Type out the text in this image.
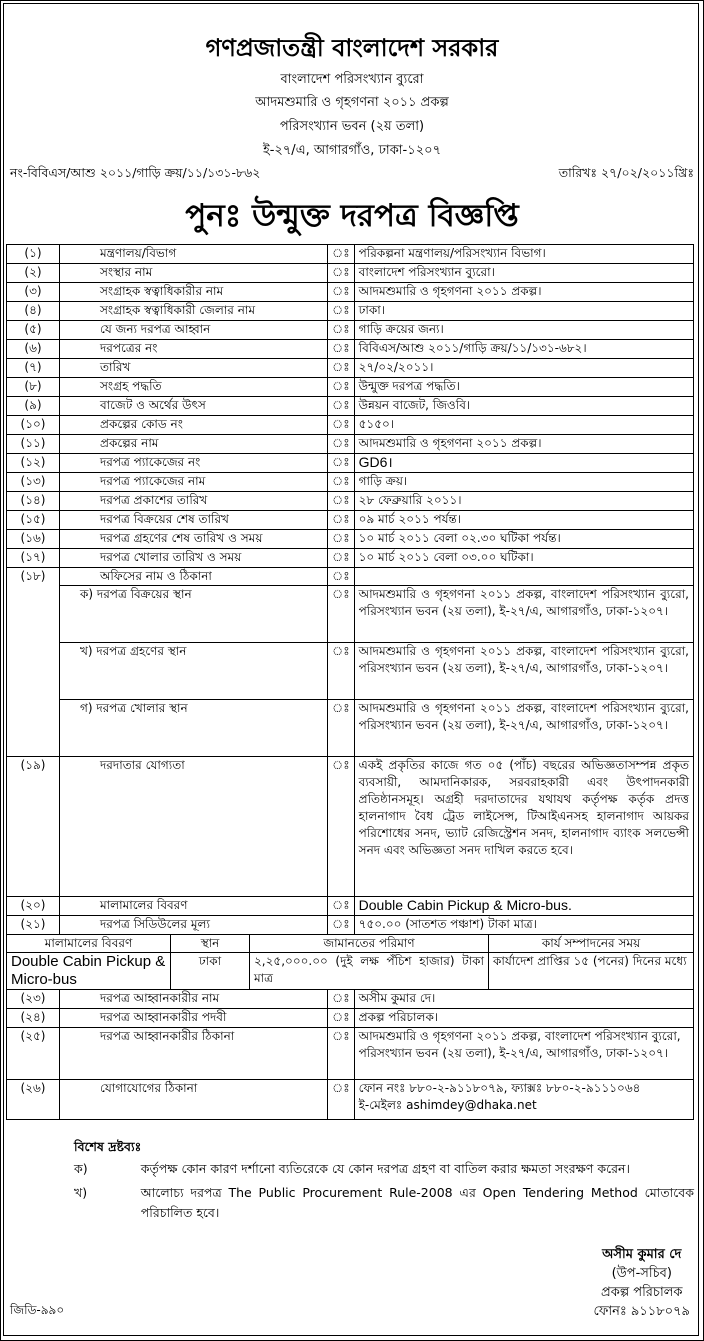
গণপ্রজাতন্ত্রী বাংলাদেশ সরকার
বাংলাদেশ পরিসংখ্যান ব্যুরো
আদমশুমারি ও গৃহগণনা ২০১১ প্রকল্প
পরিসংখ্যান ভবন (২য় তলা)
ই-২৭/এ, আগারগাঁও, ঢাকা-১২০৭
নং-বিবিএস/আশু ২০১১/গাড়ি ক্রয়/১১/১৩১-৮৬২	তারিখঃ ২৭/০২/২০১১খ্রিঃ
পুনঃ উন্মুক্ত দরপত্র বিজ্ঞপ্তি
(১)	মন্ত্রণালয়/বিভাগ	ঃ	পরিকল্পনা মন্ত্রণালয়/পরিসংখ্যান বিভাগ।
(২)	সংস্থার নাম	ঃ	বাংলাদেশ পরিসংখ্যান ব্যুরো।
(৩)	সংগ্রাহক স্বত্বাধিকারীর নাম	ঃ	আদমশুমারি ও গৃহগণনা ২০১১ প্রকল্প।
(৪)	সংগ্রাহক স্বত্বাধিকারী জেলার নাম	ঃ	ঢাকা।
(৫)	যে জন্য দরপত্র আহ্বান	ঃ	গাড়ি ক্রয়ের জন্য।
(৬)	দরপত্রের নং	ঃ	বিবিএস/আশু ২০১১/গাড়ি ক্রয়/১১/১৩১-৬৮২।
(৭)	তারিখ	ঃ	২৭/০২/২০১১।
(৮)	সংগ্রহ পদ্ধতি	ঃ	উন্মুক্ত দরপত্র পদ্ধতি।
(৯)	বাজেট ও অর্থের উৎস	ঃ	উন্নয়ন বাজেট, জিওবি।
(১০)	প্রকল্পের কোড নং	ঃ	৫১৫০।
(১১)	প্রকল্পের নাম	ঃ	আদমশুমারি ও গৃহগণনা ২০১১ প্রকল্প।
(১২)	দরপত্র প্যাকেজের নং	ঃ	GD6।
(১৩)	দরপত্র প্যাকেজের নাম	ঃ	গাড়ি ক্রয়।
(১৪)	দরপত্র প্রকাশের তারিখ	ঃ	২৮ ফেব্রুয়ারি ২০১১।
(১৫)	দরপত্র বিক্রয়ের শেষ তারিখ	ঃ	০৯ মার্চ ২০১১ পর্যন্ত।
(১৬)	দরপত্র গ্রহণের শেষ তারিখ ও সময়	ঃ	১০ মার্চ ২০১১ বেলা ০২.৩০ ঘটিকা পর্যন্ত।
(১৭)	দরপত্র খোলার তারিখ ও সময়	ঃ	১০ মার্চ ২০১১ বেলা ০৩.০০ ঘটিকা।
(১৮)	অফিসের নাম ও ঠিকানা	ঃ	
ক) দরপত্র বিক্রয়ের স্থান	ঃ	আদমশুমারি ও গৃহগণনা ২০১১ প্রকল্প, বাংলাদেশ পরিসংখ্যান ব্যুরো, পরিসংখ্যান ভবন (২য় তলা), ই-২৭/এ, আগারগাঁও, ঢাকা-১২০৭।
খ) দরপত্র গ্রহণের স্থান	ঃ	আদমশুমারি ও গৃহগণনা ২০১১ প্রকল্প, বাংলাদেশ পরিসংখ্যান ব্যুরো, পরিসংখ্যান ভবন (২য় তলা), ই-২৭/এ, আগারগাঁও, ঢাকা-১২০৭।
গ) দরপত্র খোলার স্থান	ঃ	আদমশুমারি ও গৃহগণনা ২০১১ প্রকল্প, বাংলাদেশ পরিসংখ্যান ব্যুরো, পরিসংখ্যান ভবন (২য় তলা), ই-২৭/এ, আগারগাঁও, ঢাকা-১২০৭।
(১৯)	দরদাতার যোগ্যতা	ঃ	একই প্রকৃতির কাজে গত ০৫ (পাঁচ) বছরের অভিজ্ঞতাসম্পন্ন প্রকৃত ব্যবসায়ী, আমদানিকারক, সরবরাহকারী এবং উৎপাদনকারী প্রতিষ্ঠানসমূহ। অগ্রহী দরদাতাদের যথাযথ কর্তৃপক্ষ কর্তৃক প্রদত্ত হালনাগাদ বৈধ ট্রেড লাইসেন্স, টিআইএনসহ হালনাগাদ আয়কর পরিশোধের সনদ, ভ্যাট রেজিস্ট্রেশন সনদ, হালনাগাদ ব্যাংক সলভেন্সী সনদ এবং অভিজ্ঞতা সনদ দাখিল করতে হবে।
(২০)	মালামালের বিবরণ	ঃ	Double Cabin Pickup & Micro-bus.
(২১)	দরপত্র সিডিউলের মূল্য	ঃ	৭৫০.০০ (সাতশত পঞ্চাশ) টাকা মাত্র।

মালামালের বিবরণ	স্থান	জামানতের পরিমাণ	কার্য সম্পাদনের সময়
Double Cabin Pickup & Micro-bus	ঢাকা	২,২৫,০০০.০০ (দুই লক্ষ পঁচিশ হাজার) টাকা মাত্র	কার্যাদেশ প্রাপ্তির ১৫ (পনের) দিনের মধ্যে

(২৩)	দরপত্র আহ্বানকারীর নাম	ঃ	অসীম কুমার দে।
(২৪)	দরপত্র আহ্বানকারীর পদবী	ঃ	প্রকল্প পরিচালক।
(২৫)	দরপত্র আহ্বানকারীর ঠিকানা	ঃ	আদমশুমারি ও গৃহগণনা ২০১১ প্রকল্প, বাংলাদেশ পরিসংখ্যান ব্যুরো, পরিসংখ্যান ভবন (২য় তলা), ই-২৭/এ, আগারগাঁও, ঢাকা-১২০৭।
(২৬)	যোগাযোগের ঠিকানা	ঃ	ফোন নংঃ ৮৮০-২-৯১১৮০৭৯, ফ্যাক্সঃ ৮৮০-২-৯১১১০৬৪
ই-মেইলঃ ashimdey@dhaka.net
বিশেষ দ্রষ্টব্যঃ
ক)	কর্তৃপক্ষ কোন কারণ দর্শানো ব্যতিরেকে যে কোন দরপত্র গ্রহণ বা বাতিল করার ক্ষমতা সংরক্ষণ করেন।
খ)	আলোচ্য দরপত্র The Public Procurement Rule-2008 এর Open Tendering Method মোতাবেক পরিচালিত হবে।
অসীম কুমার দে
(উপ-সচিব)
প্রকল্প পরিচালক
ফোনঃ ৯১১৮০৭৯
জিডি-৯৯০
